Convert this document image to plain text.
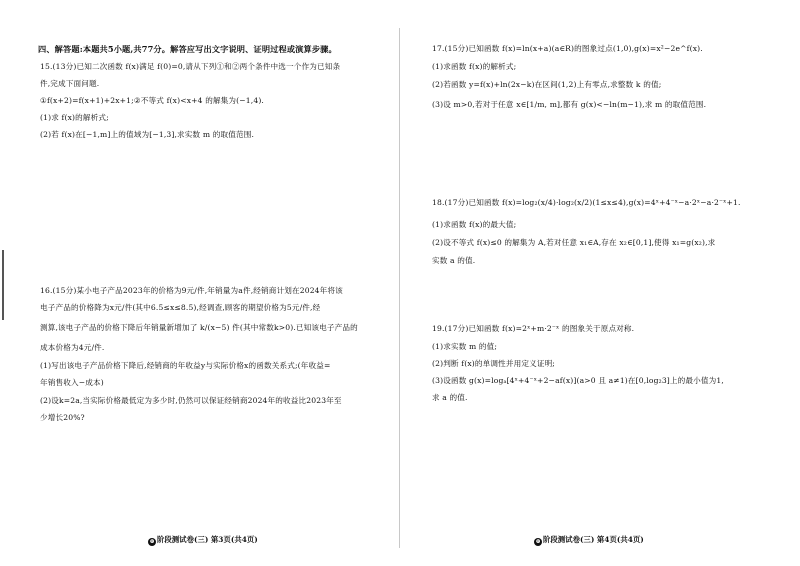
四、解答题:本题共5小题,共77分。解答应写出文字说明、证明过程或演算步骤。
15.(13分)已知二次函数 f(x)满足 f(0)=0,请从下列①和②两个条件中选一个作为已知条
件,完成下面问题.
①f(x+2)=f(x+1)+2x+1;②不等式 f(x)<x+4 的解集为(−1,4).
(1)求 f(x)的解析式;
(2)若 f(x)在[−1,m]上的值域为[−1,3],求实数 m 的取值范围.
16.(15分)某小电子产品2023年的价格为9元/件,年销量为a件,经销商计划在2024年将该
电子产品的价格降为x元/件(其中6.5≤x≤8.5),经调查,顾客的期望价格为5元/件,经
测算,该电子产品的价格下降后年销量新增加了 k/(x−5) 件(其中常数k>0).已知该电子产品的
成本价格为4元/件.
(1)写出该电子产品价格下降后,经销商的年收益y与实际价格x的函数关系式;(年收益=
年销售收入−成本)
(2)设k=2a,当实际价格最低定为多少时,仍然可以保证经销商2024年的收益比2023年至
少增长20%?
⊕ 阶段测试卷(三) 第3页(共4页)
17.(15分)已知函数 f(x)=ln(x+a)(a∈R)的图象过点(1,0),g(x)=x²−2e^f(x).
(1)求函数 f(x)的解析式;
(2)若函数 y=f(x)+ln(2x−k)在区间(1,2)上有零点,求整数 k 的值;
(3)设 m>0,若对于任意 x∈[1/m, m],都有 g(x)<−ln(m−1),求 m 的取值范围.
18.(17分)已知函数 f(x)=log₂(x/4)·log₂(x/2)(1≤x≤4),g(x)=4ˣ+4⁻ˣ−a·2ˣ−a·2⁻ˣ+1.
(1)求函数 f(x)的最大值;
(2)设不等式 f(x)≤0 的解集为 A,若对任意 x₁∈A,存在 x₂∈[0,1],使得 x₁=g(x₂),求
实数 a 的值.
19.(17分)已知函数 f(x)=2ˣ+m·2⁻ˣ 的图象关于原点对称.
(1)求实数 m 的值;
(2)判断 f(x)的单调性并用定义证明;
(3)设函数 g(x)=logₐ[4ˣ+4⁻ˣ+2−af(x)](a>0 且 a≠1)在[0,log₂3]上的最小值为1,
求 a 的值.
⊕ 阶段测试卷(三) 第4页(共4页)
